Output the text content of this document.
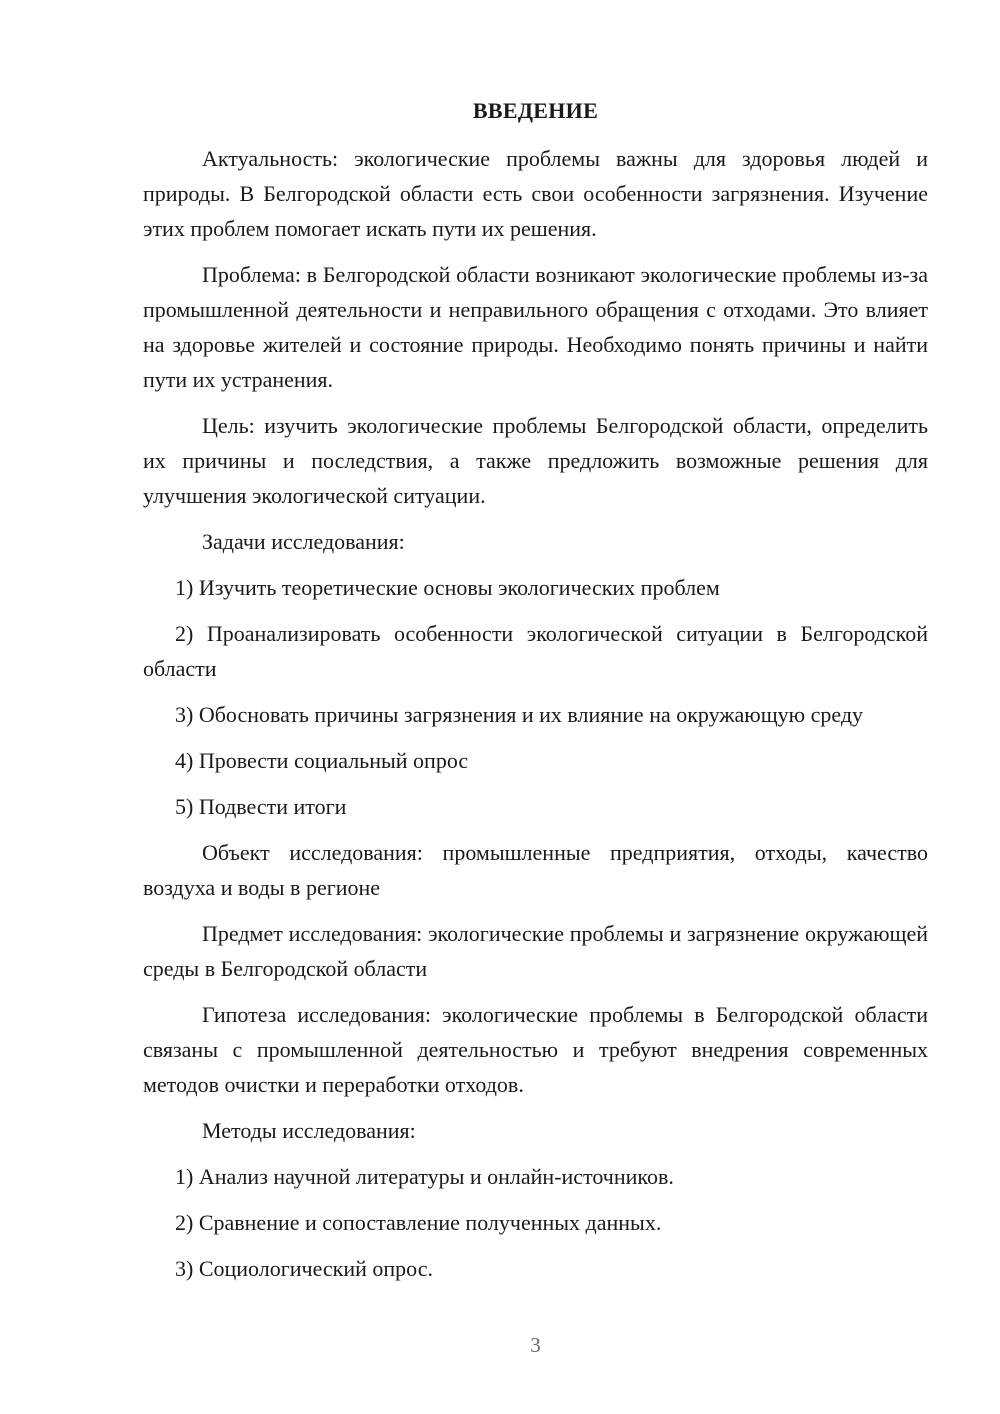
ВВЕДЕНИЕ

Актуальность: экологические проблемы важны для здоровья людей и природы. В Белгородской области есть свои особенности загрязнения. Изучение этих проблем помогает искать пути их решения.

Проблема: в Белгородской области возникают экологические проблемы из-за промышленной деятельности и неправильного обращения с отходами. Это влияет на здоровье жителей и состояние природы. Необходимо понять причины и найти пути их устранения.

Цель: изучить экологические проблемы Белгородской области, определить их причины и последствия, а также предложить возможные решения для улучшения экологической ситуации.

Задачи исследования:

1) Изучить теоретические основы экологических проблем

2) Проанализировать особенности экологической ситуации в Белгородской области

3) Обосновать причины загрязнения и их влияние на окружающую среду

4) Провести социальный опрос

5) Подвести итоги

Объект исследования: промышленные предприятия, отходы, качество воздуха и воды в регионе

Предмет исследования: экологические проблемы и загрязнение окружающей среды в Белгородской области

Гипотеза исследования: экологические проблемы в Белгородской области связаны с промышленной деятельностью и требуют внедрения современных методов очистки и переработки отходов.

Методы исследования:

1) Анализ научной литературы и онлайн-источников.

2) Сравнение и сопоставление полученных данных.

3) Социологический опрос.

3
